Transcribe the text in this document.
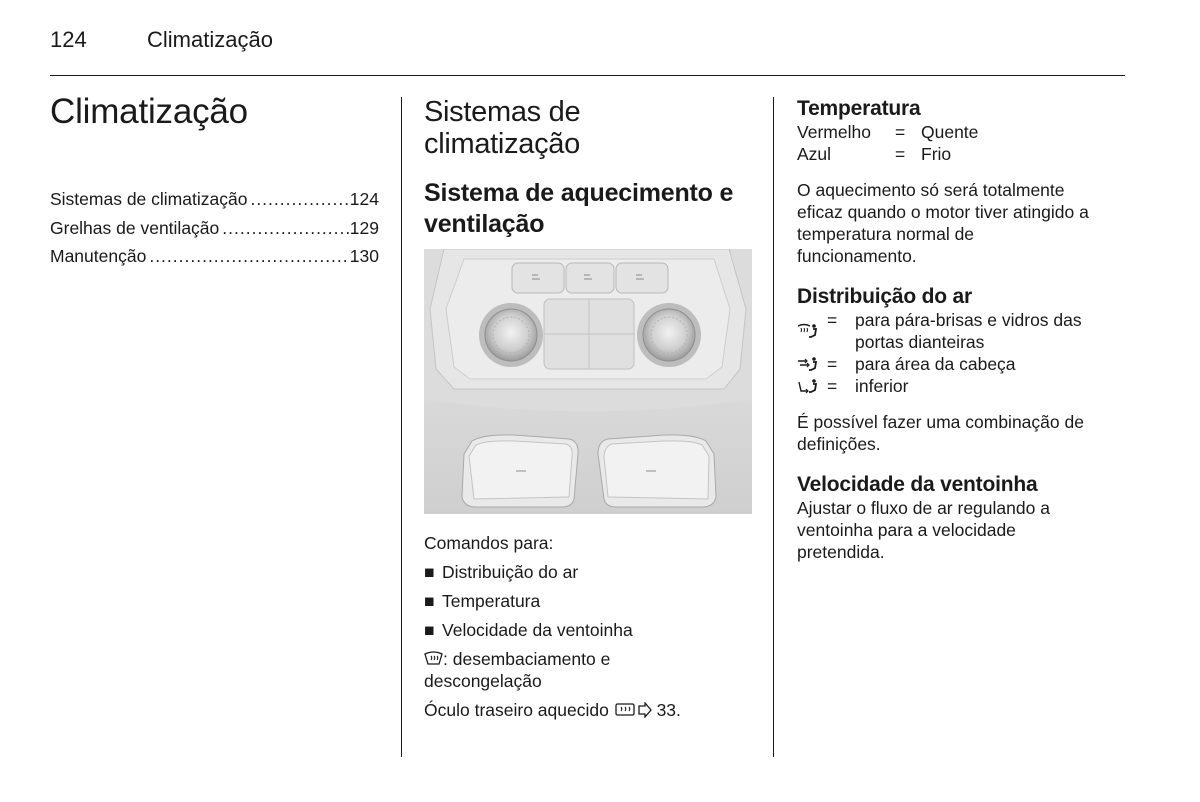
124	Climatização
Climatização
Sistemas de climatização .....	124
Grelhas de ventilação .....	129
Manutenção .....	130
Sistemas de
climatização
Sistema de aquecimento e
ventilação
Comandos para:
■ Distribuição do ar
■ Temperatura
■ Velocidade da ventoinha
: desembaciamento e
descongelação
Óculo traseiro aquecido  33.
Temperatura
Vermelho	= Quente
Azul	= Frio
O aquecimento só será totalmente
eficaz quando o motor tiver atingido a
temperatura normal de
funcionamento.
Distribuição do ar
=	para pára-brisas e vidros das
portas dianteiras
=	para área da cabeça
=	inferior
É possível fazer uma combinação de
definições.
Velocidade da ventoinha
Ajustar o fluxo de ar regulando a
ventoinha para a velocidade
pretendida.
